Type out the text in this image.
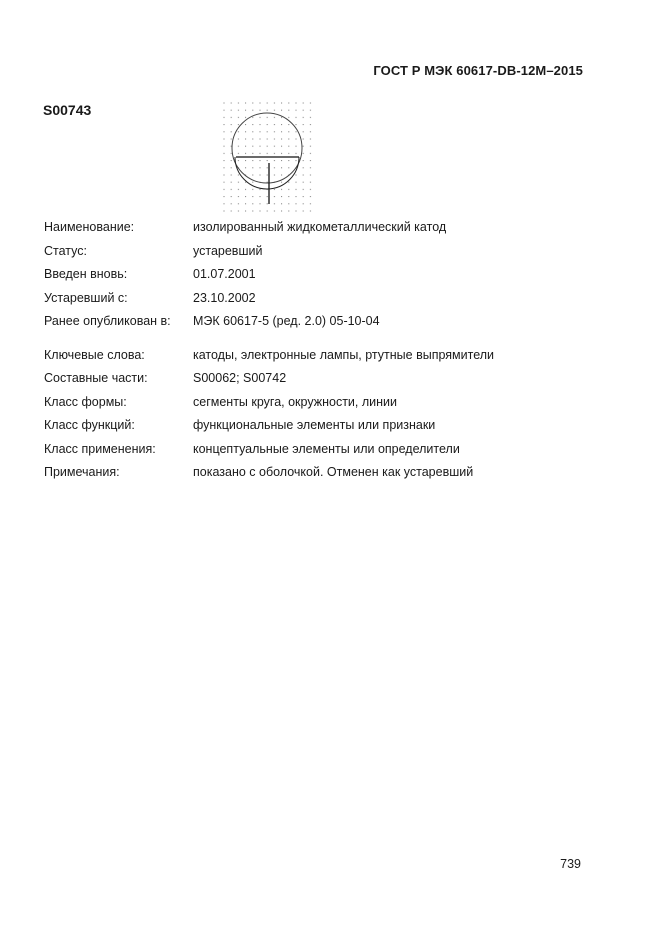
ГОСТ Р МЭК 60617-DB-12M–2015
S00743
Наименование:	изолированный жидкометаллический катод
Статус:	устаревший
Введен вновь:	01.07.2001
Устаревший с:	23.10.2002
Ранее опубликован в:	МЭК 60617-5 (ред. 2.0) 05-10-04
Ключевые слова:	катоды, электронные лампы, ртутные выпрямители
Составные части:	S00062; S00742
Класс формы:	сегменты круга, окружности, линии
Класс функций:	функциональные элементы или признаки
Класс применения:	концептуальные элементы или определители
Примечания:	показано с оболочкой. Отменен как устаревший
739
